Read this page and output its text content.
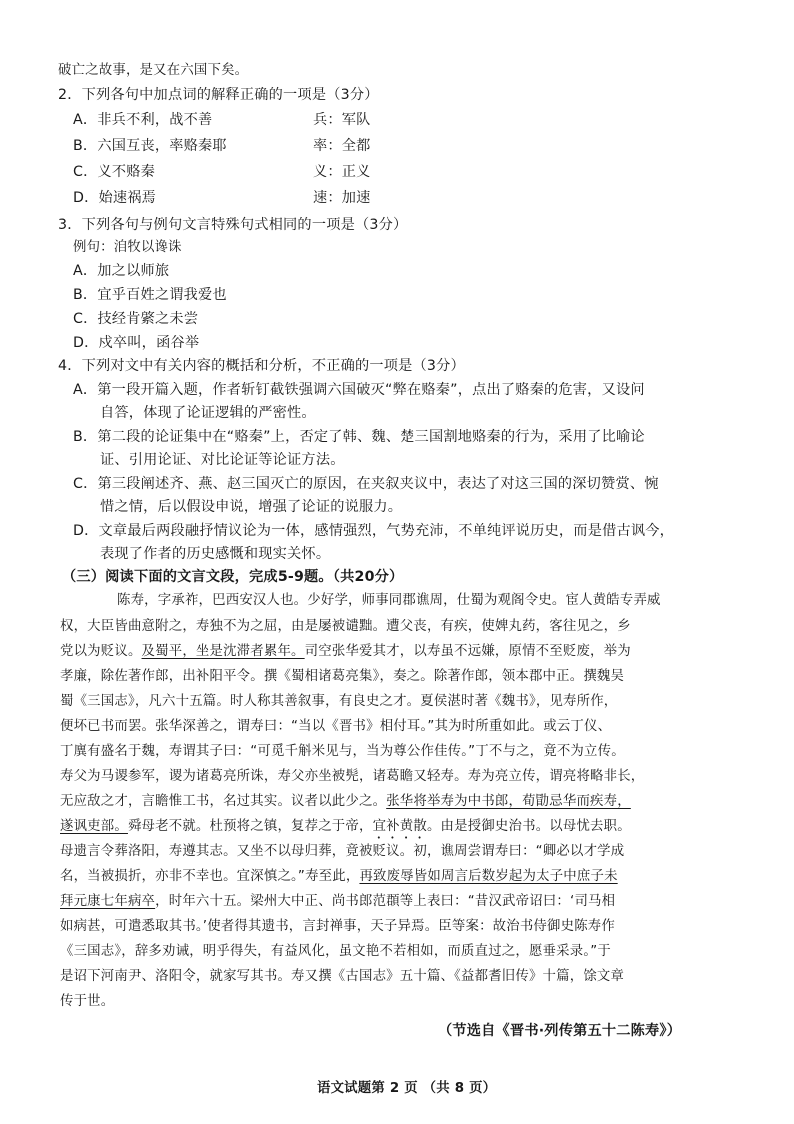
破亡之故事，是又在六国下矣。
2．下列各句中加点词的解释正确的一项是（3分）
A．非兵不利，战不善	兵：军队
B．六国互丧，率赂秦耶	率：全都
C．义不赂秦	义：正义
D．始速祸焉	速：加速
3．下列各句与例句文言特殊句式相同的一项是（3分）
例句：洎牧以谗诛
A．加之以师旅
B．宜乎百姓之谓我爱也
C．技经肯綮之未尝
D．戍卒叫，函谷举
4．下列对文中有关内容的概括和分析，不正确的一项是（3分）
A．第一段开篇入题，作者斩钉截铁强调六国破灭“弊在赂秦”，点出了赂秦的危害，又设问
自答，体现了论证逻辑的严密性。
B．第二段的论证集中在“赂秦”上，否定了韩、魏、楚三国割地赂秦的行为，采用了比喻论
证、引用论证、对比论证等论证方法。
C．第三段阐述齐、燕、赵三国灭亡的原因，在夹叙夹议中，表达了对这三国的深切赞赏、惋
惜之情，后以假设申说，增强了论证的说服力。
D．文章最后两段融抒情议论为一体，感情强烈，气势充沛，不单纯评说历史，而是借古讽今，
表现了作者的历史感慨和现实关怀。
（三）阅读下面的文言文段，完成5-9题。（共20分）
陈寿，字承祚，巴西安汉人也。少好学，师事同郡谯周，仕蜀为观阁令史。宦人黄皓专弄威
权，大臣皆曲意附之，寿独不为之屈，由是屡被谴黜。遭父丧，有疾，使婢丸药，客往见之，乡
党以为贬议。及蜀平，坐是沈滞者累年。司空张华爱其才，以寿虽不远嫌，原情不至贬废，举为
孝廉，除佐著作郎，出补阳平令。撰《蜀相诸葛亮集》，奏之。除著作郎，领本郡中正。撰魏吴
蜀《三国志》，凡六十五篇。时人称其善叙事，有良史之才。夏侯湛时著《魏书》，见寿所作，
便坏已书而罢。张华深善之，谓寿曰：“当以《晋书》相付耳。”其为时所重如此。或云丁仪、
丁廙有盛名于魏，寿谓其子曰：“可觅千斛米见与，当为尊公作佳传。”丁不与之，竟不为立传。
寿父为马谡参军，谡为诸葛亮所诛，寿父亦坐被髡，诸葛瞻又轻寿。寿为亮立传，谓亮将略非长，
无应敌之才，言瞻惟工书，名过其实。议者以此少之。张华将举寿为中书郎，荀勖忌华而疾寿，
遂讽吏部。舜母老不就。杜预将之镇，复荐之于帝，宜补黄散。由是授御史治书。以母忧去职。
母遗言令葬洛阳，寿遵其志。又坐不以母归葬，竟被贬议。初，谯周尝谓寿曰：“卿必以才学成
名，当被损折，亦非不幸也。宜深慎之。”寿至此，再致废辱皆如周言后数岁起为太子中庶子未
拜元康七年病卒，时年六十五。梁州大中正、尚书郎范頵等上表曰：“昔汉武帝诏曰：‘司马相
如病甚，可遣悉取其书。’使者得其遗书，言封禅事，天子异焉。臣等案：故治书侍御史陈寿作
《三国志》，辞多劝诫，明乎得失，有益风化，虽文艳不若相如，而质直过之，愿垂采录。”于
是诏下河南尹、洛阳令，就家写其书。寿又撰《古国志》五十篇、《益都耆旧传》十篇，馀文章
传于世。
（节选自《晋书·列传第五十二陈寿》）
语文试题第 2 页 （共 8 页）
